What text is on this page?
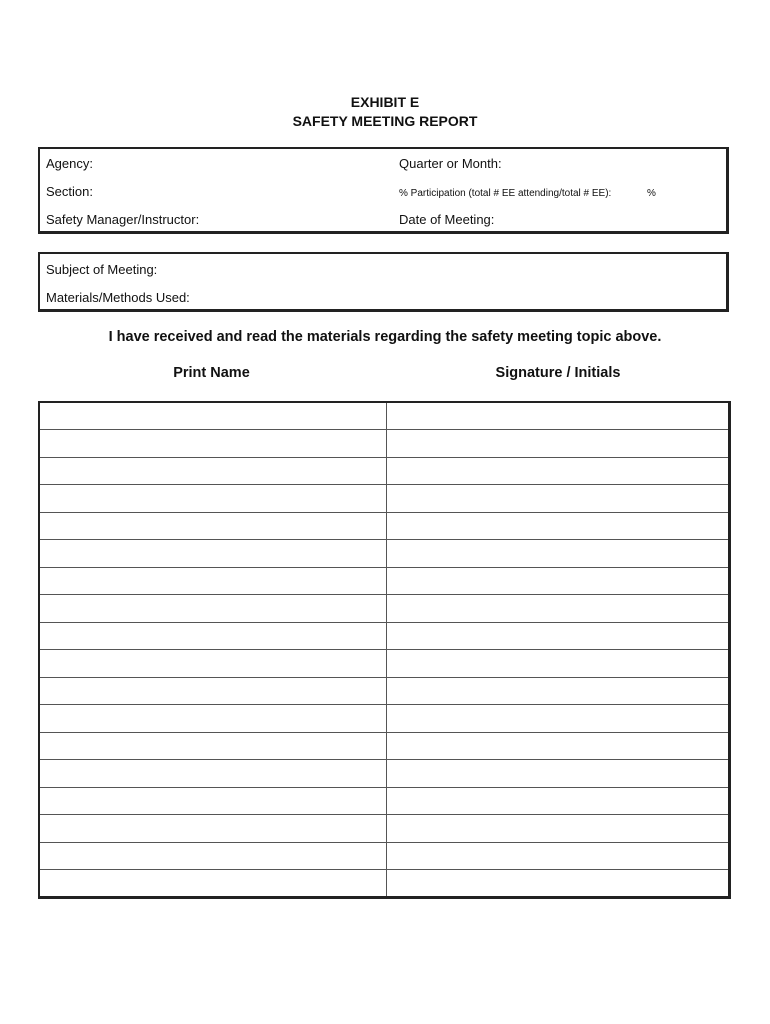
EXHIBIT E
SAFETY MEETING REPORT
Agency:
Section:
Safety Manager/Instructor:
Quarter or Month:
% Participation (total # EE attending/total # EE):	%
Date of Meeting:
Subject of Meeting:
Materials/Methods Used:
I have received and read the materials regarding the safety meeting topic above.
Print Name	Signature / Initials
